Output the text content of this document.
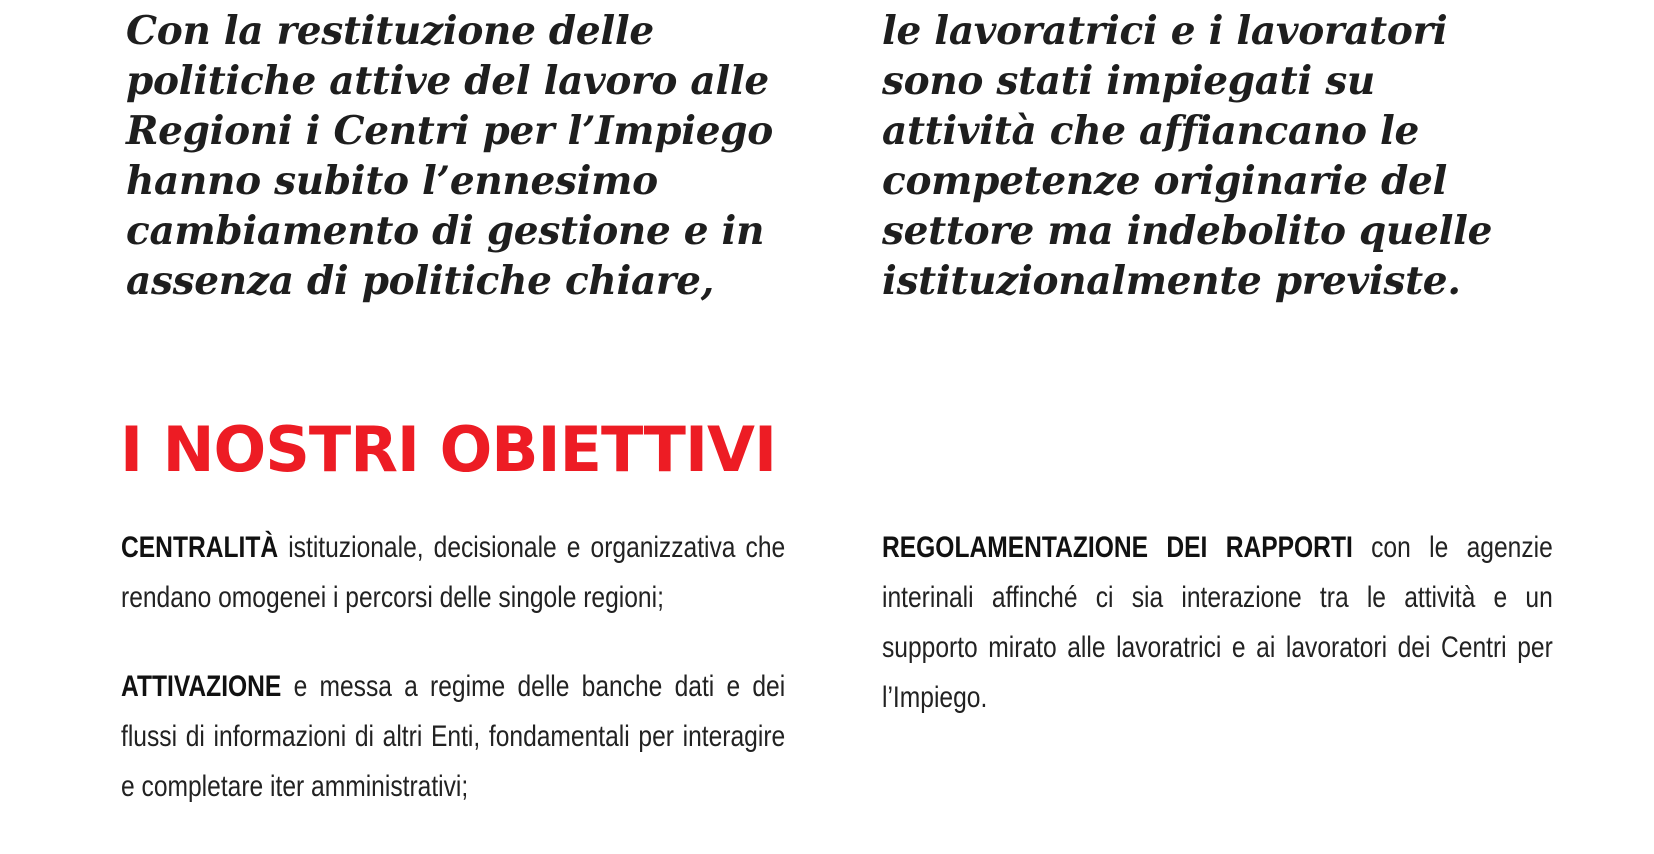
Con la restituzione delle
politiche attive del lavoro alle
Regioni i Centri per l’Impiego
hanno subito l’ennesimo
cambiamento di gestione e in
assenza di politiche chiare,
le lavoratrici e i lavoratori
sono stati impiegati su
attività che affiancano le
competenze originarie del
settore ma indebolito quelle
istituzionalmente previste.
I NOSTRI OBIETTIVI

CENTRALITÀ istituzionale, decisionale e organizzativa che rendano omogenei i percorsi delle singole regioni;

ATTIVAZIONE e messa a regime delle banche dati e dei flussi di informazioni di altri Enti, fondamentali per interagire e completare iter amministrativi;

REGOLAMENTAZIONE DEI RAPPORTI con le agenzie interinali affinché ci sia interazione tra le attività e un supporto mirato alle lavoratrici e ai lavoratori dei Centri per l’Impiego.
